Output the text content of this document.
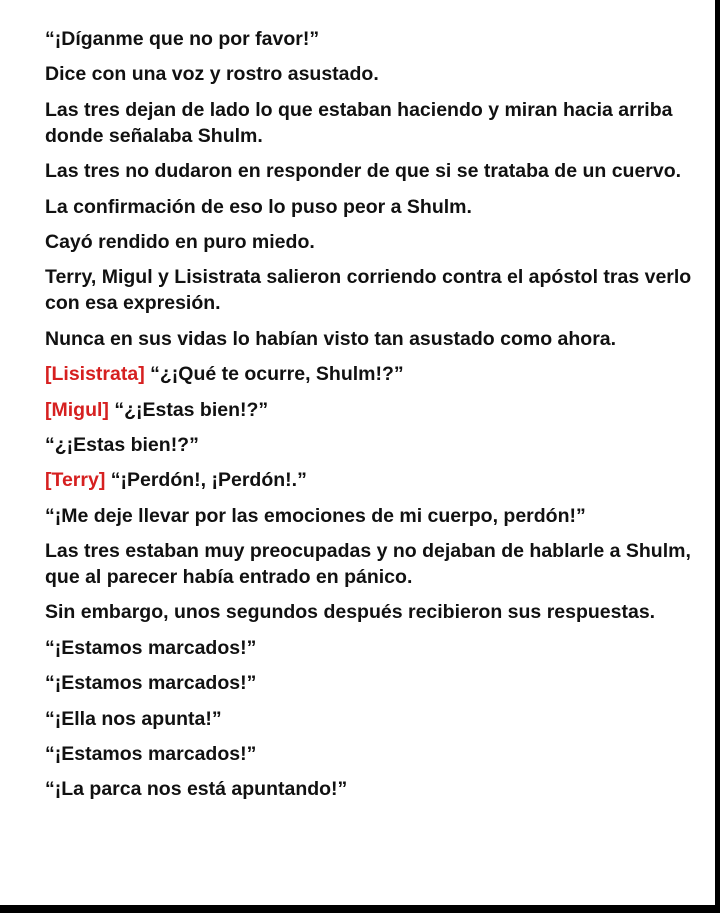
“¡Díganme que no por favor!”

Dice con una voz y rostro asustado.

Las tres dejan de lado lo que estaban haciendo y miran hacia arriba donde señalaba Shulm.

Las tres no dudaron en responder de que si se trataba de un cuervo.

La confirmación de eso lo puso peor a Shulm.

Cayó rendido en puro miedo.

Terry, Migul y Lisistrata salieron corriendo contra el apóstol tras verlo con esa expresión.

Nunca en sus vidas lo habían visto tan asustado como ahora.

[Lisistrata] “¿¡Qué te ocurre, Shulm!?”

[Migul] “¿¡Estas bien!?”

“¿¡Estas bien!?”

[Terry] “¡Perdón!, ¡Perdón!.”

“¡Me deje llevar por las emociones de mi cuerpo, perdón!”

Las tres estaban muy preocupadas y no dejaban de hablarle a Shulm, que al parecer había entrado en pánico.

Sin embargo, unos segundos después recibieron sus respuestas.

“¡Estamos marcados!”

“¡Estamos marcados!”

“¡Ella nos apunta!”

“¡Estamos marcados!”

“¡La parca nos está apuntando!”
